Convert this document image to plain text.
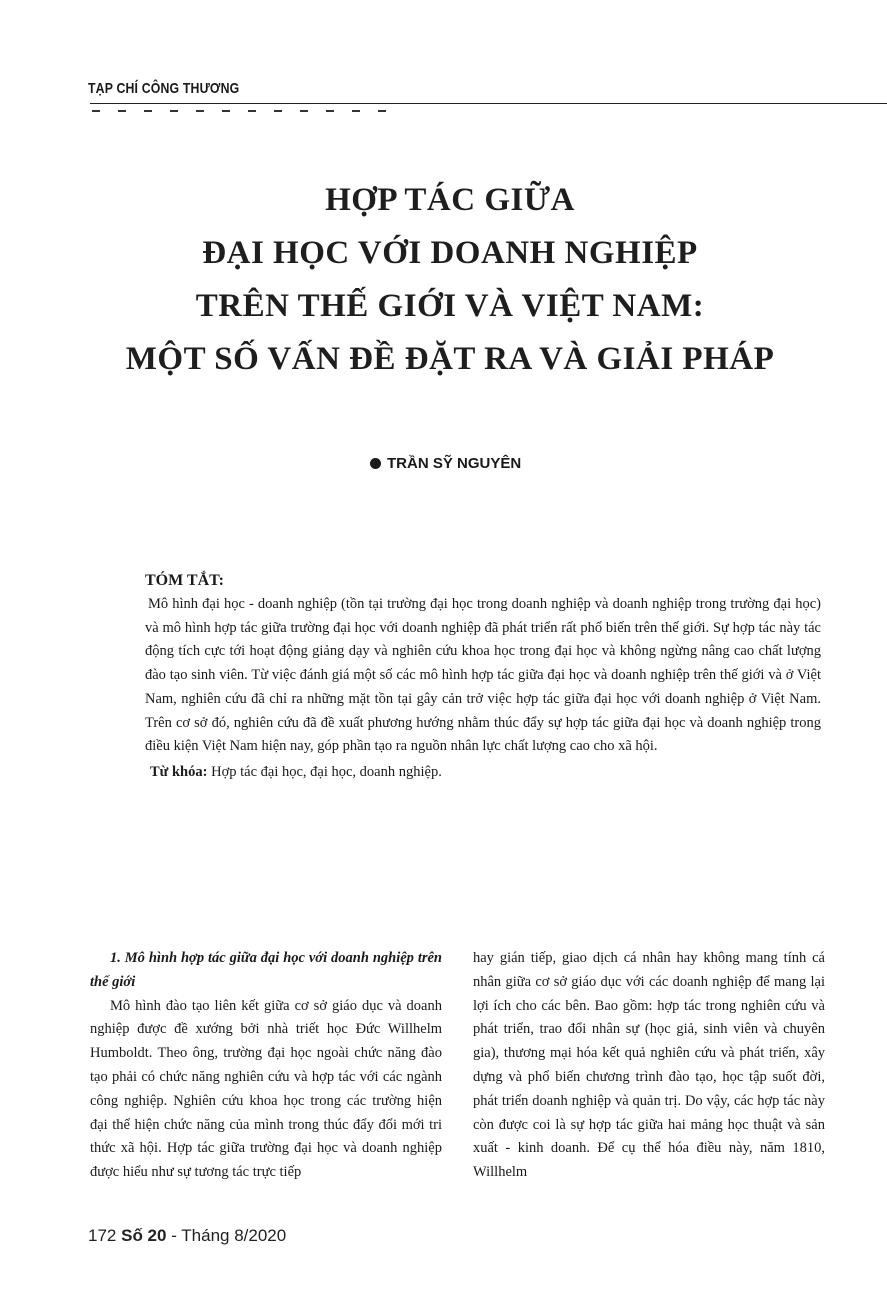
TẠP CHÍ CÔNG THƯƠNG
HỢP TÁC GIỮA
ĐẠI HỌC VỚI DOANH NGHIỆP
TRÊN THẾ GIỚI VÀ VIỆT NAM:
MỘT SỐ VẤN ĐỀ ĐẶT RA VÀ GIẢI PHÁP
TRẦN SỸ NGUYÊN

TÓM TẮT:

Mô hình đại học - doanh nghiệp (tồn tại trường đại học trong doanh nghiệp và doanh nghiệp trong trường đại học) và mô hình hợp tác giữa trường đại học với doanh nghiệp đã phát triển rất phổ biến trên thế giới. Sự hợp tác này tác động tích cực tới hoạt động giảng dạy và nghiên cứu khoa học trong đại học và không ngừng nâng cao chất lượng đào tạo sinh viên. Từ việc đánh giá một số các mô hình hợp tác giữa đại học và doanh nghiệp trên thế giới và ở Việt Nam, nghiên cứu đã chỉ ra những mặt tồn tại gây cản trở việc hợp tác giữa đại học với doanh nghiệp ở Việt Nam. Trên cơ sở đó, nghiên cứu đã đề xuất phương hướng nhằm thúc đẩy sự hợp tác giữa đại học và doanh nghiệp trong điều kiện Việt Nam hiện nay, góp phần tạo ra nguồn nhân lực chất lượng cao cho xã hội.

Từ khóa: Hợp tác đại học, đại học, doanh nghiệp.

1. Mô hình hợp tác giữa đại học với doanh nghiệp trên thế giới

Mô hình đào tạo liên kết giữa cơ sở giáo dục và doanh nghiệp được đề xướng bởi nhà triết học Đức Willhelm Humboldt. Theo ông, trường đại học ngoài chức năng đào tạo phải có chức năng nghiên cứu và hợp tác với các ngành công nghiệp. Nghiên cứu khoa học trong các trường hiện đại thể hiện chức năng của mình trong thúc đẩy đổi mới tri thức xã hội. Hợp tác giữa trường đại học và doanh nghiệp được hiểu như sự tương tác trực tiếp

hay gián tiếp, giao dịch cá nhân hay không mang tính cá nhân giữa cơ sở giáo dục với các doanh nghiệp để mang lại lợi ích cho các bên. Bao gồm: hợp tác trong nghiên cứu và phát triển, trao đổi nhân sự (học giả, sinh viên và chuyên gia), thương mại hóa kết quả nghiên cứu và phát triển, xây dựng và phổ biến chương trình đào tạo, học tập suốt đời, phát triển doanh nghiệp và quản trị. Do vậy, các hợp tác này còn được coi là sự hợp tác giữa hai mảng học thuật và sản xuất - kinh doanh. Để cụ thể hóa điều này, năm 1810, Willhelm

172 Số 20 - Tháng 8/2020
